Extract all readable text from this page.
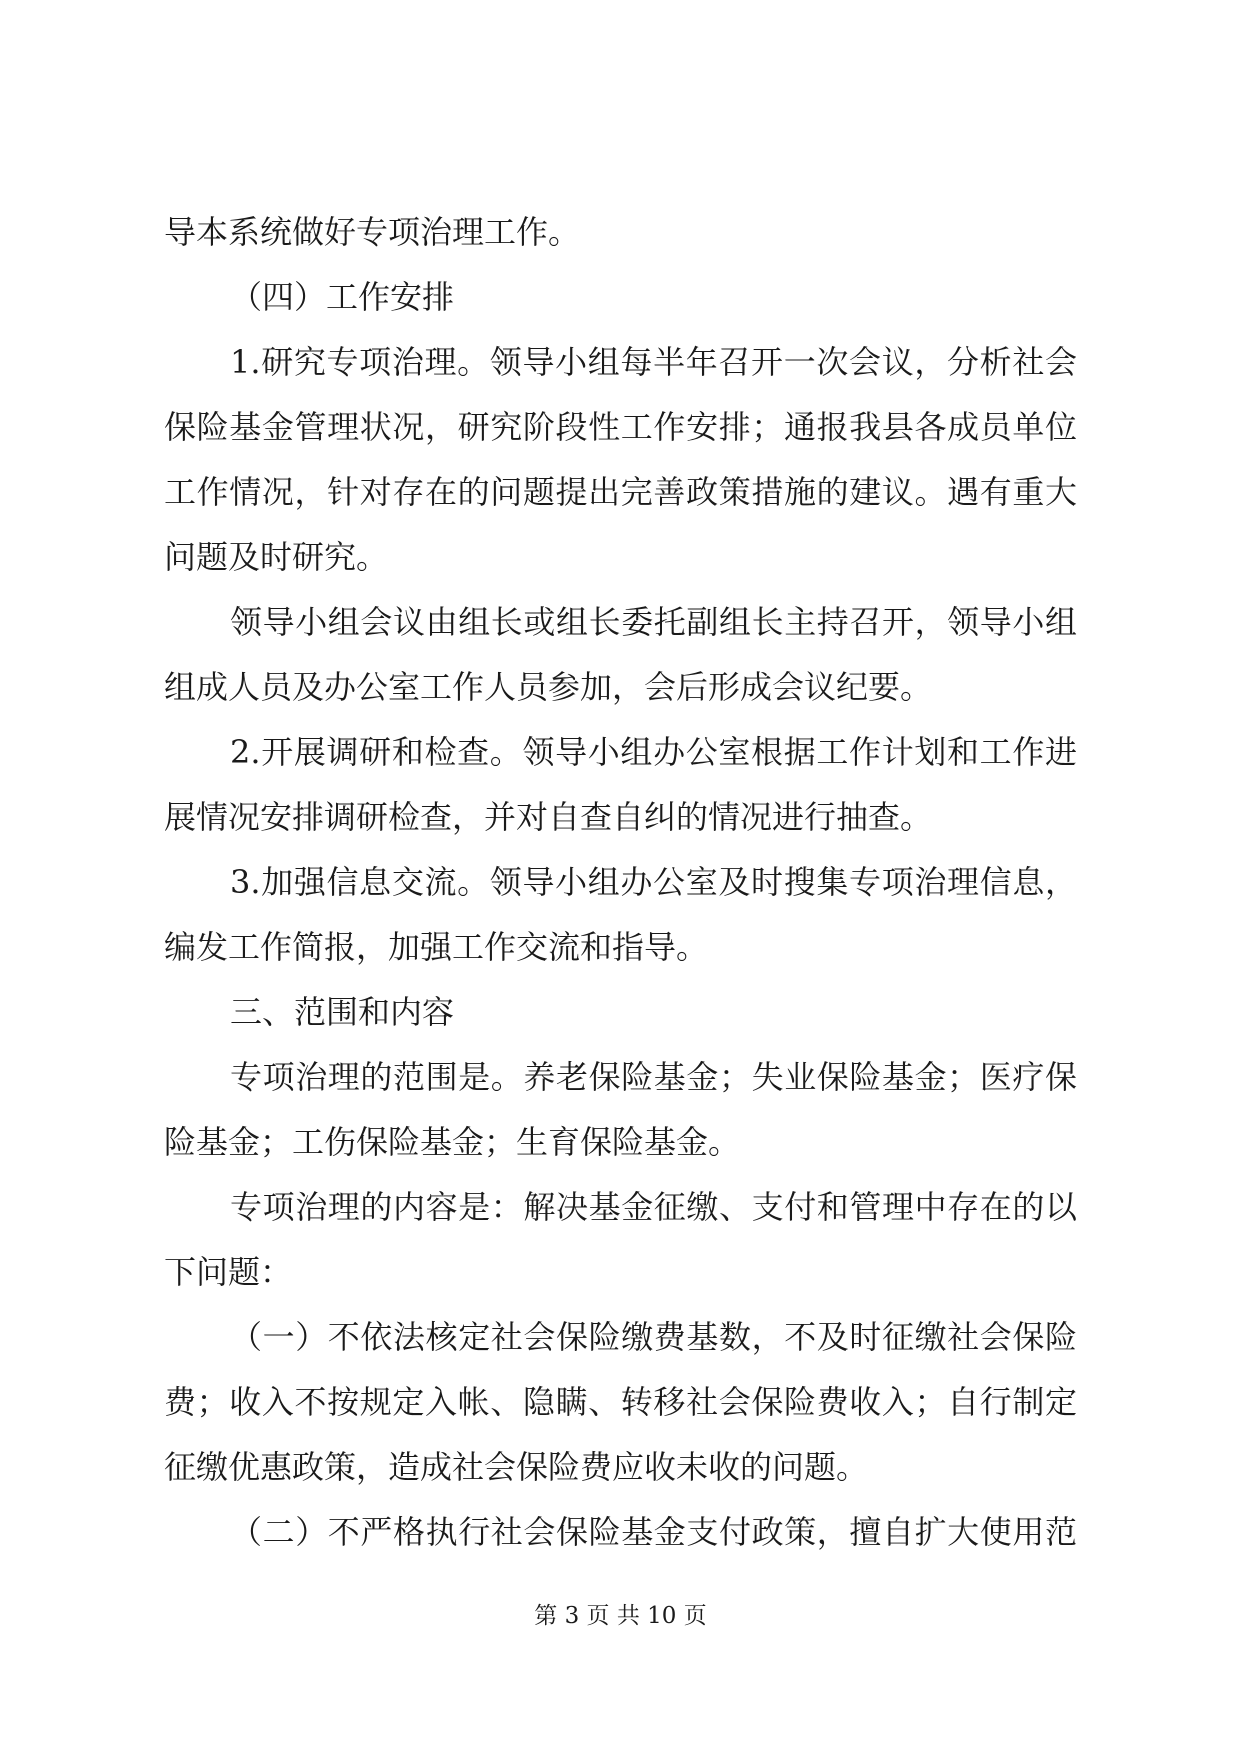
导本系统做好专项治理工作。
（四）工作安排
1.研究专项治理。领导小组每半年召开一次会议，分析社会
保险基金管理状况，研究阶段性工作安排；通报我县各成员单位
工作情况，针对存在的问题提出完善政策措施的建议。遇有重大
问题及时研究。
领导小组会议由组长或组长委托副组长主持召开，领导小组
组成人员及办公室工作人员参加，会后形成会议纪要。
2.开展调研和检查。领导小组办公室根据工作计划和工作进
展情况安排调研检查，并对自查自纠的情况进行抽查。
3.加强信息交流。领导小组办公室及时搜集专项治理信息，
编发工作简报，加强工作交流和指导。
三、范围和内容
专项治理的范围是。养老保险基金；失业保险基金；医疗保
险基金；工伤保险基金；生育保险基金。
专项治理的内容是：解决基金征缴、支付和管理中存在的以
下问题：
（一）不依法核定社会保险缴费基数，不及时征缴社会保险
费；收入不按规定入帐、隐瞒、转移社会保险费收入；自行制定
征缴优惠政策，造成社会保险费应收未收的问题。
（二）不严格执行社会保险基金支付政策，擅自扩大使用范
第 3 页 共 10 页
